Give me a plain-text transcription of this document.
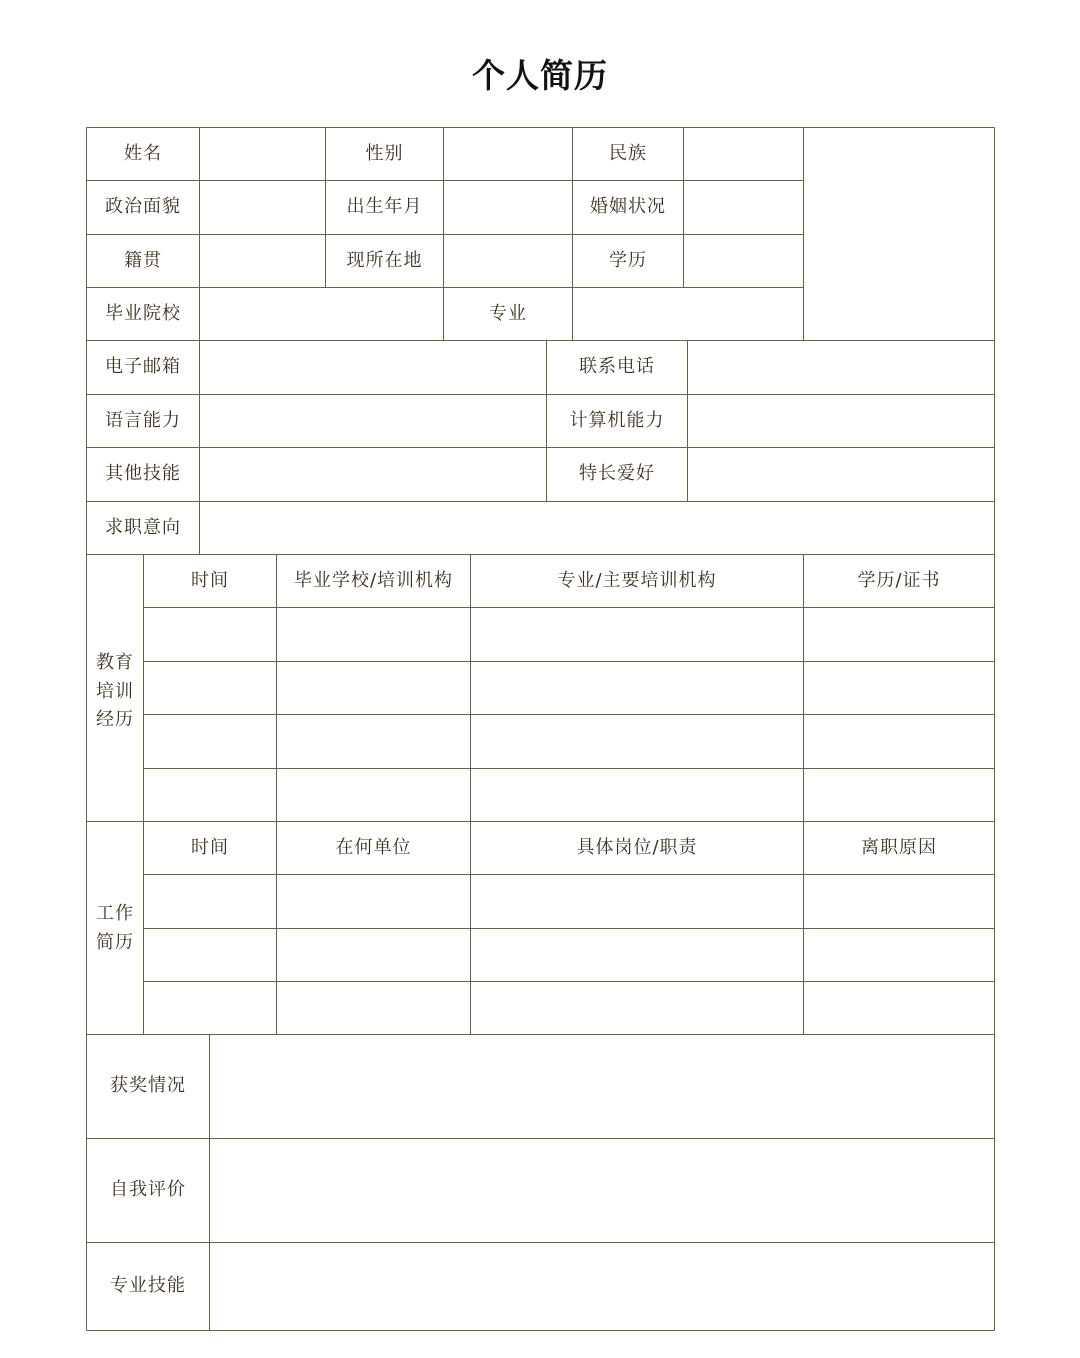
个人简历
姓名	性别	民族
政治面貌	出生年月	婚姻状况
籍贯	现所在地	学历
毕业院校	专业
电子邮箱	联系电话
语言能力	计算机能力
其他技能	特长爱好
求职意向
教育培训经历
时间	毕业学校/培训机构	专业/主要培训机构	学历/证书
工作简历
时间	在何单位	具体岗位/职责	离职原因
获奖情况
自我评价
专业技能
